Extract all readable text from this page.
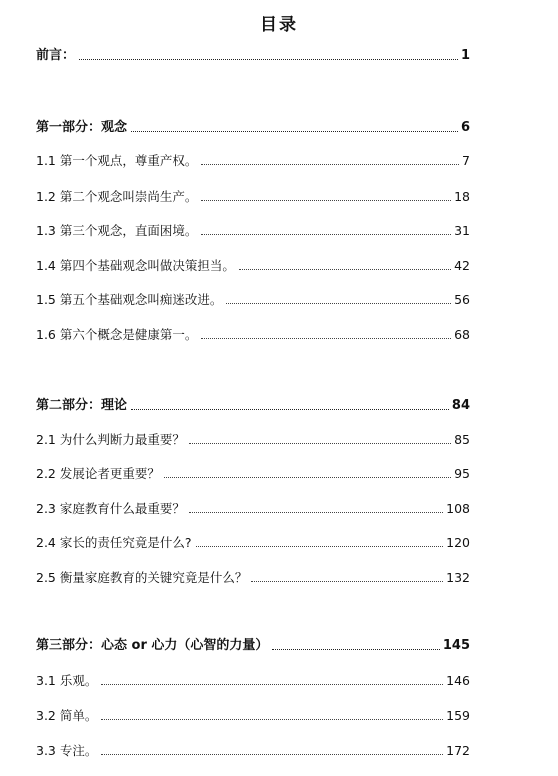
目录
前言：	1
第一部分：观念	6
1.1 第一个观点，尊重产权。	7
1.2 第二个观念叫崇尚生产。	18
1.3 第三个观念，直面困境。	31
1.4 第四个基础观念叫做决策担当。	42
1.5 第五个基础观念叫痴迷改进。	56
1.6 第六个概念是健康第一。	68
第二部分：理论	84
2.1 为什么判断力最重要？	85
2.2 发展论者更重要？	95
2.3 家庭教育什么最重要？	108
2.4 家长的责任究竟是什么?	120
2.5 衡量家庭教育的关键究竟是什么？	132
第三部分：心态 or 心力（心智的力量）	145
3.1 乐观。	146
3.2 简单。	159
3.3 专注。	172
